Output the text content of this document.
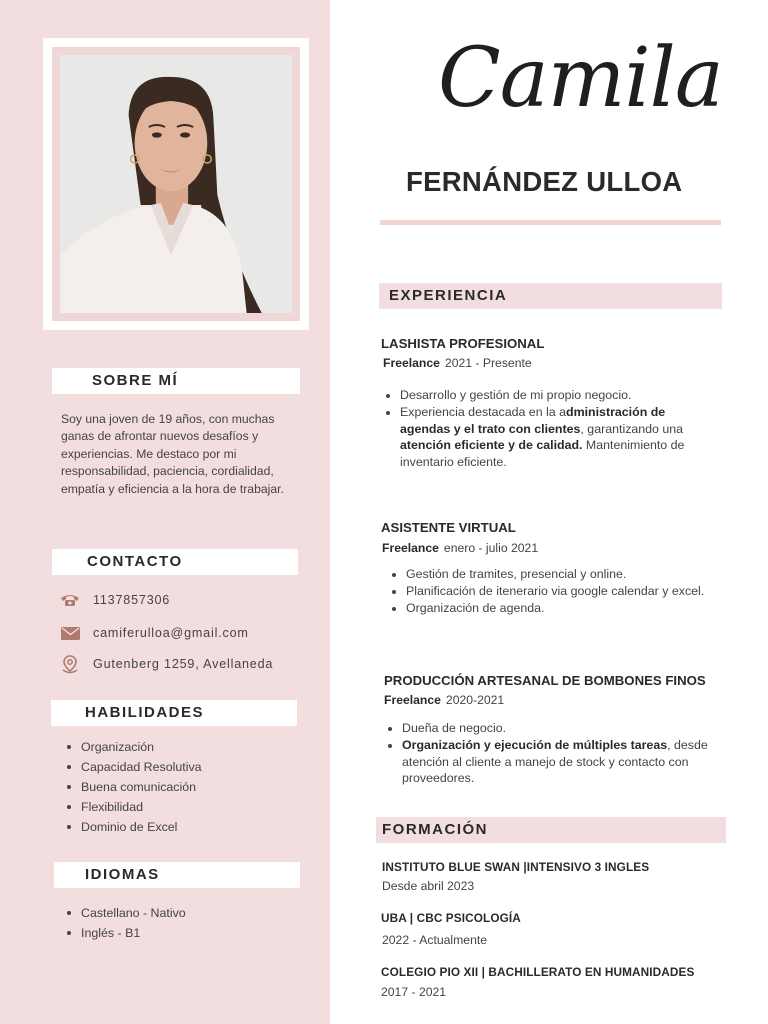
SOBRE MÍ

Soy una joven de 19 años, con muchas ganas de afrontar nuevos desafíos y experiencias. Me destaco por mi responsabilidad, paciencia, cordialidad, empatía y eficiencia a la hora de trabajar.

CONTACTO
1137857306
camiferulloa@gmail.com
Gutenberg 1259, Avellaneda
HABILIDADES
Organización
Capacidad Resolutiva
Buena comunicación
Flexibilidad
Dominio de Excel
IDIOMAS
Castellano - Nativo
Inglés - B1
Camila
FERNÁNDEZ ULLOA
EXPERIENCIA
LASHISTA PROFESIONAL
Freelance 2021 - Presente
Desarrollo y gestión de mi propio negocio.
Experiencia destacada en la administración de agendas y el trato con clientes, garantizando una atención eficiente y de calidad. Mantenimiento de inventario eficiente.
ASISTENTE VIRTUAL
Freelance enero - julio 2021
Gestión de tramites, presencial y online.
Planificación de itenerario via google calendar y excel.
Organización de agenda.
PRODUCCIÓN ARTESANAL DE BOMBONES FINOS
Freelance 2020-2021
Dueña de negocio.
Organización y ejecución de múltiples tareas, desde atención al cliente a manejo de stock y contacto con proveedores.
FORMACIÓN
INSTITUTO BLUE SWAN |INTENSIVO 3 INGLES
Desde abril 2023
UBA | CBC PSICOLOGÍA
2022 - Actualmente
COLEGIO PIO XII | BACHILLERATO EN HUMANIDADES
2017 - 2021
